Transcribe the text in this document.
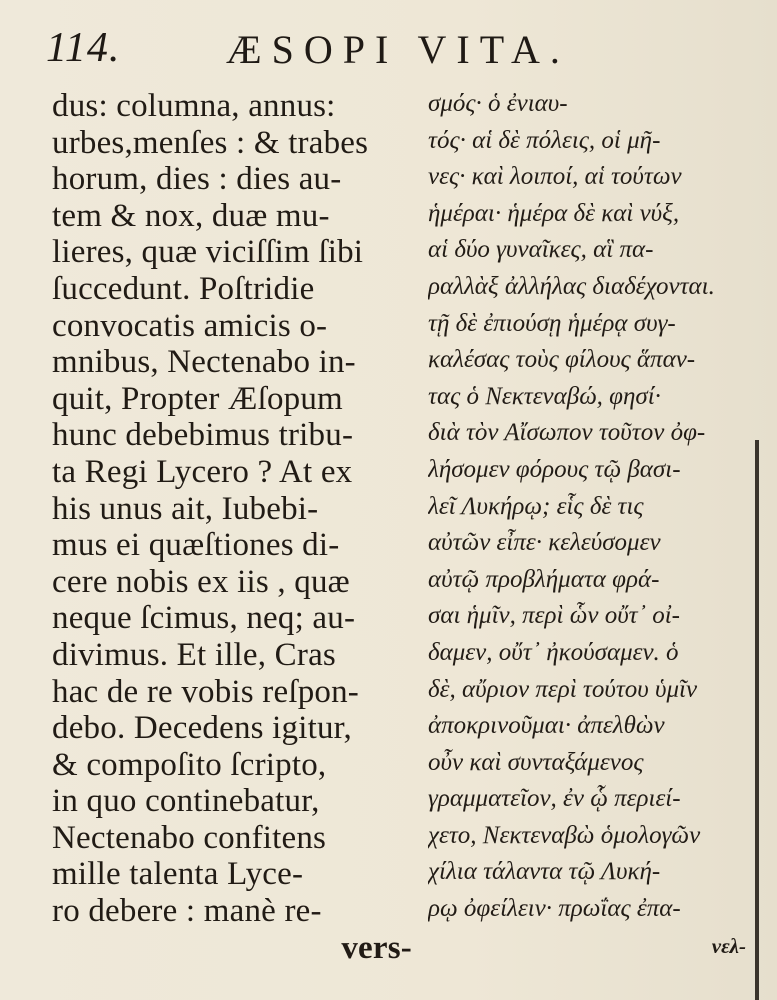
114.	ÆSOPI VITA.
dus: columna, annus:
urbes,menſes : & trabes
horum, dies : dies au-
tem & nox, duæ mu-
lieres, quæ viciſſim ſibi
ſuccedunt. Poſtridie
convocatis amicis o-
mnibus, Nectenabo in-
quit, Propter Æſopum
hunc debebimus tribu-
ta Regi Lycero ? At ex
his unus ait, Iubebi-
mus ei quæſtiones di-
cere nobis ex iis , quæ
neque ſcimus, neq; au-
divimus. Et ille, Cras
hac de re vobis reſpon-
debo. Decedens igitur,
& compoſito ſcripto,
in quo continebatur,
Nectenabo confitens
mille talenta Lyce-
ro debere : manè re-
vers-
σμός· ὁ ἐνιαυ-
τός· αἱ δὲ πόλεις, οἱ μῆ-
νες· καὶ λοιποί, αἱ τούτων
ἡμέραι· ἡμέρα δὲ καὶ νύξ,
αἱ δύο γυναῖκες, αἳ πα-
ραλλὰξ ἀλλήλας διαδέχονται.
τῇ δὲ ἐπιούσῃ ἡμέρᾳ συγ-
καλέσας τοὺς φίλους ἅπαν-
τας ὁ Νεκτεναβώ, φησί·
διὰ τὸν Αἴσωπον τοῦτον ὀφ-
λήσομεν φόρους τῷ βασι-
λεῖ Λυκήρῳ; εἷς δὲ τις
αὐτῶν εἶπε· κελεύσομεν
αὐτῷ προβλήματα φρά-
σαι ἡμῖν, περὶ ὧν οὔτ᾽ οἰ-
δαμεν, οὔτ᾽ ἠκούσαμεν. ὁ
δὲ, αὔριον περὶ τούτου ὑμῖν
ἀποκρινοῦμαι· ἀπελθὼν
οὖν καὶ συνταξάμενος
γραμματεῖον, ἐν ᾧ περιεί-
χετο, Νεκτεναβὼ ὁμολογῶν
χίλια τάλαντα τῷ Λυκή-
ρῳ ὀφείλειν· πρωΐας ἐπα-
νελ-
